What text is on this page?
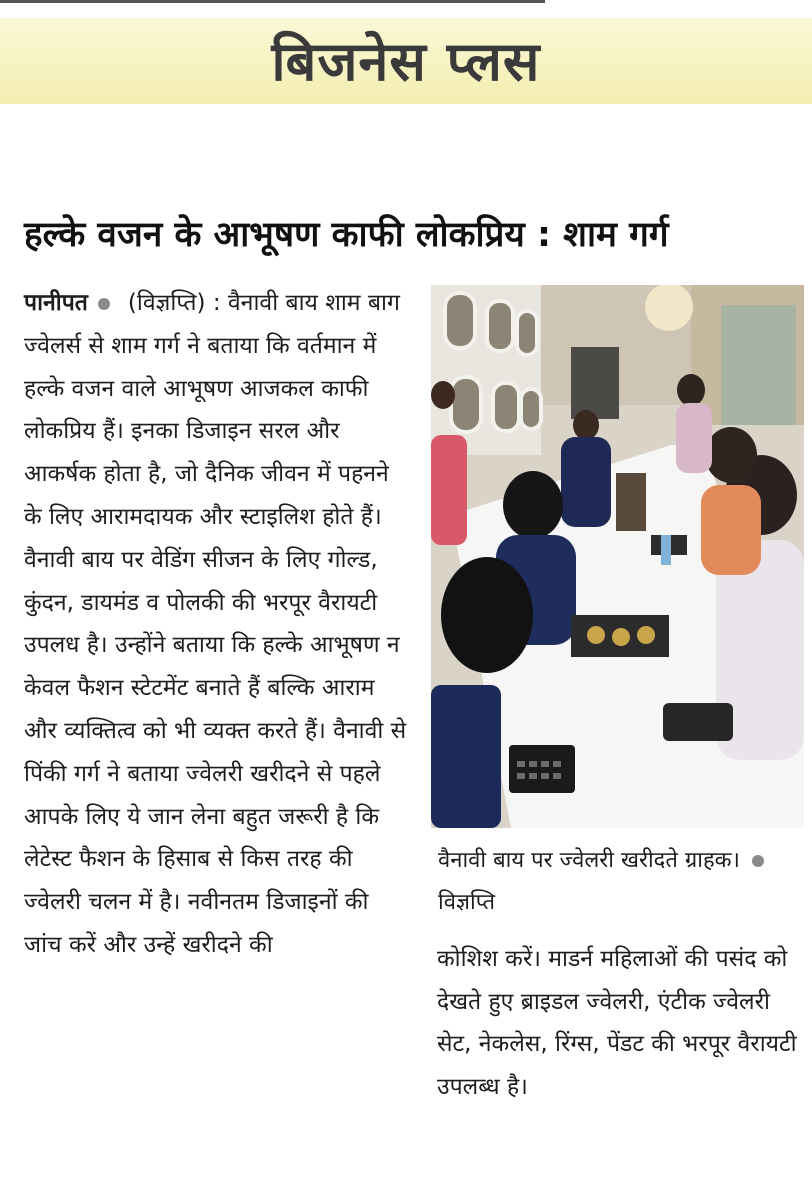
बिजनेस प्लस
हल्के वजन के आभूषण काफी लोकप्रिय : शाम गर्ग
पानीपत (विज्ञप्ति) : वैनावी बाय शाम बाग ज्वेलर्स से शाम गर्ग ने बताया कि वर्तमान में हल्के वजन वाले आभूषण आजकल काफी लोकप्रिय हैं। इनका डिजाइन सरल और आकर्षक होता है, जो दैनिक जीवन में पहनने के लिए आरामदायक और स्टाइलिश होते हैं। वैनावी बाय पर वेडिंग सीजन के लिए गोल्ड, कुंदन, डायमंड व पोलकी की भरपूर वैरायटी उपलध है। उन्होंने बताया कि हल्के आभूषण न केवल फैशन स्टेटमेंट बनाते हैं बल्कि आराम और व्यक्तित्व को भी व्यक्त करते हैं। वैनावी से पिंकी गर्ग ने बताया ज्वेलरी खरीदने से पहले आपके लिए ये जान लेना बहुत जरूरी है कि लेटेस्ट फैशन के हिसाब से किस तरह की ज्वेलरी चलन में है। नवीनतम डिजाइनों की जांच करें और उन्हें खरीदने की
वैनावी बाय पर ज्वेलरी खरीदते ग्राहक।विज्ञप्ति
कोशिश करें। माडर्न महिलाओं की पसंद को देखते हुए ब्राइडल ज्वेलरी, एंटीक ज्वेलरी सेट, नेकलेस, रिंग्स, पेंडट की भरपूर वैरायटी उपलब्ध है।
